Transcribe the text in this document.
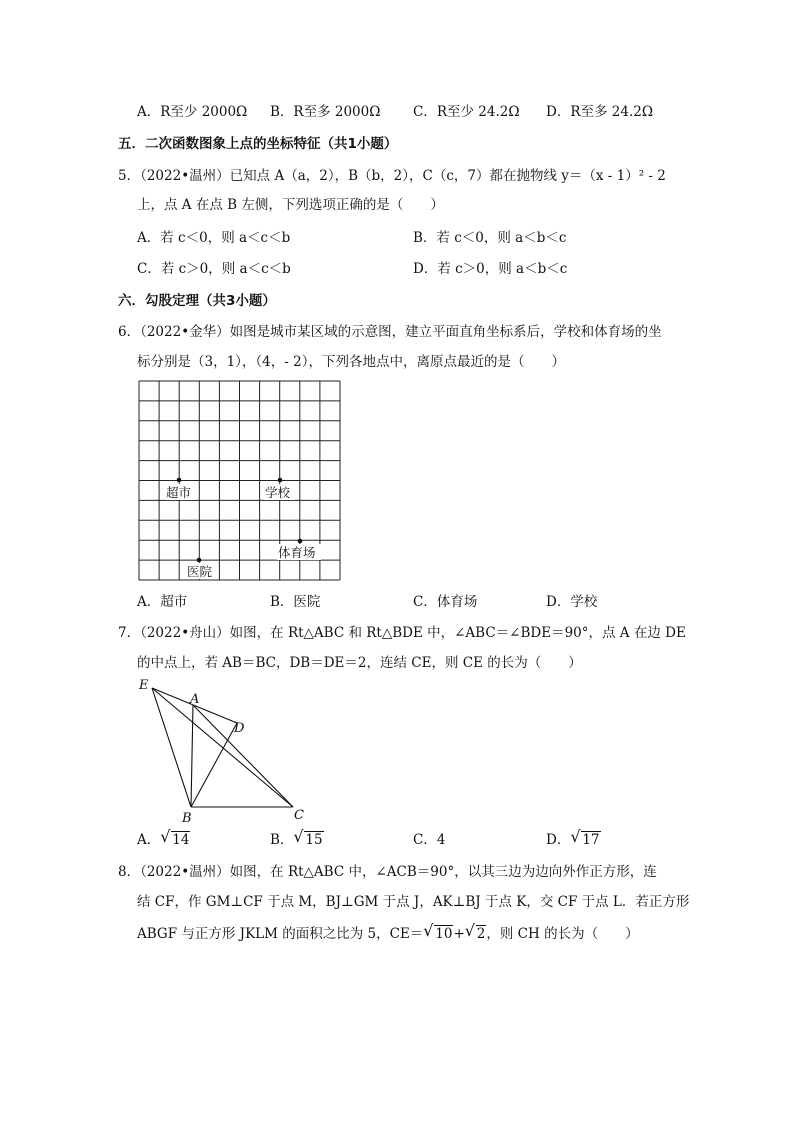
A．R至少 2000Ω B．R至多 2000Ω C．R至少 24.2Ω D．R至多 24.2Ω
五．二次函数图象上点的坐标特征（共1小题）
5．（2022•温州）已知点 A（a，2），B（b，2），C（c，7）都在抛物线 y＝（x - 1）² - 2
上，点 A 在点 B 左侧，下列选项正确的是（　　）
A．若 c＜0，则 a＜c＜b	B．若 c＜0，则 a＜b＜c
C．若 c＞0，则 a＜c＜b	D．若 c＞0，则 a＜b＜c
六．勾股定理（共3小题）
6．（2022•金华）如图是城市某区域的示意图，建立平面直角坐标系后，学校和体育场的坐
标分别是（3，1），（4，- 2），下列各地点中，离原点最近的是（　　）
超市	学校
体育场
医院
A．超市	B．医院	C．体育场	D．学校
7．（2022•舟山）如图，在 Rt△ABC 和 Rt△BDE 中，∠ABC＝∠BDE＝90°，点 A 在边 DE
的中点上，若 AB＝BC，DB＝DE＝2，连结 CE，则 CE 的长为（　　）
E
A
D
B	C
A． √ 14	B． √ 15	C．4	D． √ 17
8．（2022•温州）如图，在 Rt△ABC 中，∠ACB＝90°，以其三边为边向外作正方形，连
结 CF，作 GM⊥CF 于点 M，BJ⊥GM 于点 J，AK⊥BJ 于点 K，交 CF 于点 L．若正方形
ABGF 与正方形 JKLM 的面积之比为 5，CE＝ √ 10+ √ 2，则 CH 的长为（　　）
